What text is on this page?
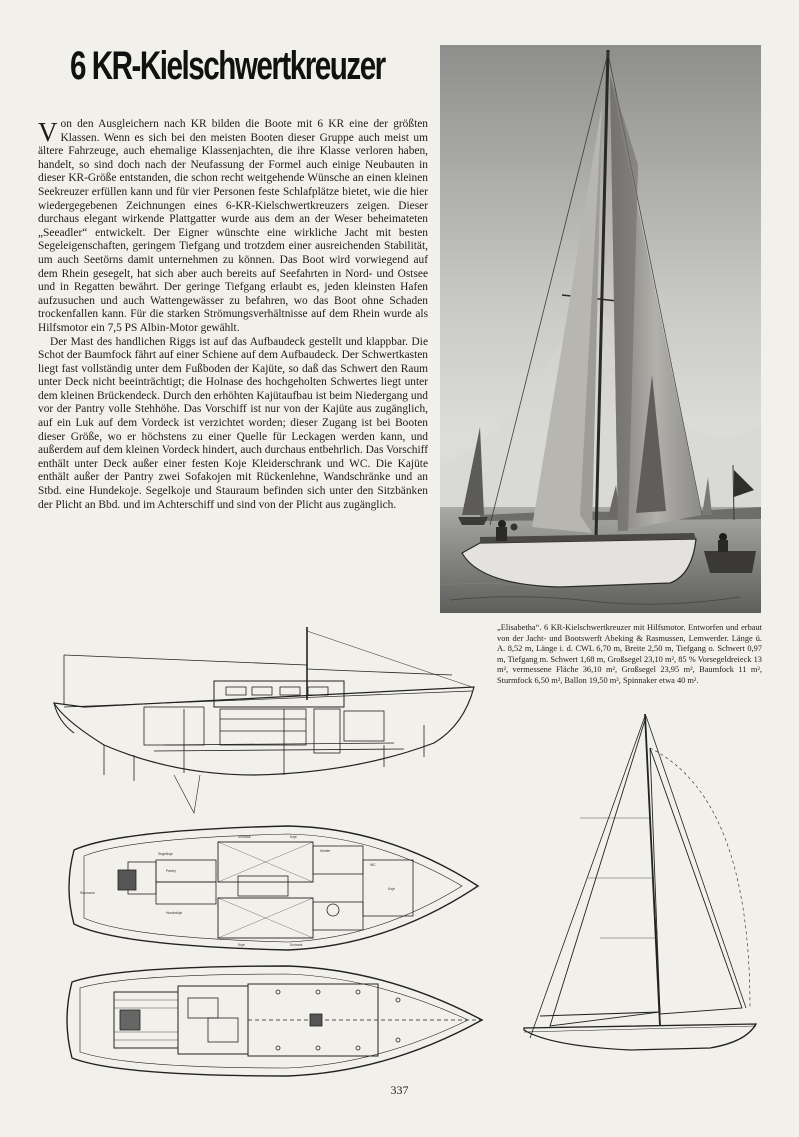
6 KR-Kielschwertkreuzer

Von den Ausgleichern nach KR bilden die Boote mit 6 KR eine der größten Klassen. Wenn es sich bei den meisten Booten dieser Gruppe auch meist um ältere Fahrzeuge, auch ehemalige Klassenjachten, die ihre Klasse verloren haben, handelt, so sind doch nach der Neufassung der Formel auch einige Neubauten in dieser KR-Größe entstanden, die schon recht weitgehende Wünsche an einen kleinen Seekreuzer erfüllen kann und für vier Personen feste Schlafplätze bietet, wie die hier wiedergegebenen Zeichnungen eines 6-KR-Kielschwertkreuzers zeigen. Dieser durchaus elegant wirkende Plattgatter wurde aus dem an der Weser beheimateten „Seeadler“ entwickelt. Der Eigner wünschte eine wirkliche Jacht mit besten Segeleigenschaften, geringem Tiefgang und trotzdem einer ausreichenden Stabilität, um auch Seetörns damit unternehmen zu können. Das Boot wird vorwiegend auf dem Rhein gesegelt, hat sich aber auch bereits auf Seefahrten in Nord- und Ostsee und in Regatten bewährt. Der geringe Tiefgang erlaubt es, jeden kleinsten Hafen aufzusuchen und auch Wattengewässer zu befahren, wo das Boot ohne Schaden trockenfallen kann. Für die starken Strömungsverhältnisse auf dem Rhein wurde als Hilfsmotor ein 7,5 PS Albin-Motor gewählt.

Der Mast des handlichen Riggs ist auf das Aufbaudeck gestellt und klappbar. Die Schot der Baumfock fährt auf einer Schiene auf dem Aufbaudeck. Der Schwertkasten liegt fast vollständig unter dem Fußboden der Kajüte, so daß das Schwert den Raum unter Deck nicht beeinträchtigt; die Holnase des hochgeholten Schwertes liegt unter dem kleinen Brückendeck. Durch den erhöhten Kajütaufbau ist beim Niedergang und vor der Pantry volle Stehhöhe. Das Vorschiff ist nur von der Kajüte aus zugänglich, auf ein Luk auf dem Vordeck ist verzichtet worden; dieser Zugang ist bei Booten dieser Größe, wo er höchstens zu einer Quelle für Leckagen werden kann, und außerdem auf dem kleinen Vordeck hindert, auch durchaus entbehrlich. Das Vorschiff enthält unter Deck außer einer festen Koje Kleiderschrank und WC. Die Kajüte enthält außer der Pantry zwei Sofakojen mit Rückenlehne, Wandschränke und an Stbd. eine Hundekoje. Segelkoje und Stauraum befinden sich unter den Sitzbänken der Plicht an Bbd. und im Achterschiff und sind von der Plicht aus zugänglich.

„Elisabetha“. 6 KR-Kielschwertkreuzer mit Hilfsmotor. Entworfen und erbaut von der Jacht- und Bootswerft Abeking & Rasmussen, Lemwerder. Länge ü. A. 8,52 m, Länge i. d. CWL 6,70 m, Breite 2,50 m, Tiefgang o. Schwert 0,97 m, Tiefgang m. Schwert 1,68 m, Großsegel 23,10 m², 85 % Vorsegeldreieck 13 m², vermessene Fläche 36,10 m², Großsegel 23,95 m², Baumfock 11 m², Sturmfock 6,50 m², Ballon 19,50 m², Spinnaker etwa 40 m².
Segelkoje
Schrank	Koje
Kleider
Pantry
WC
Koje
Hundekoje
Koje	Schrank
Stauraum
337
